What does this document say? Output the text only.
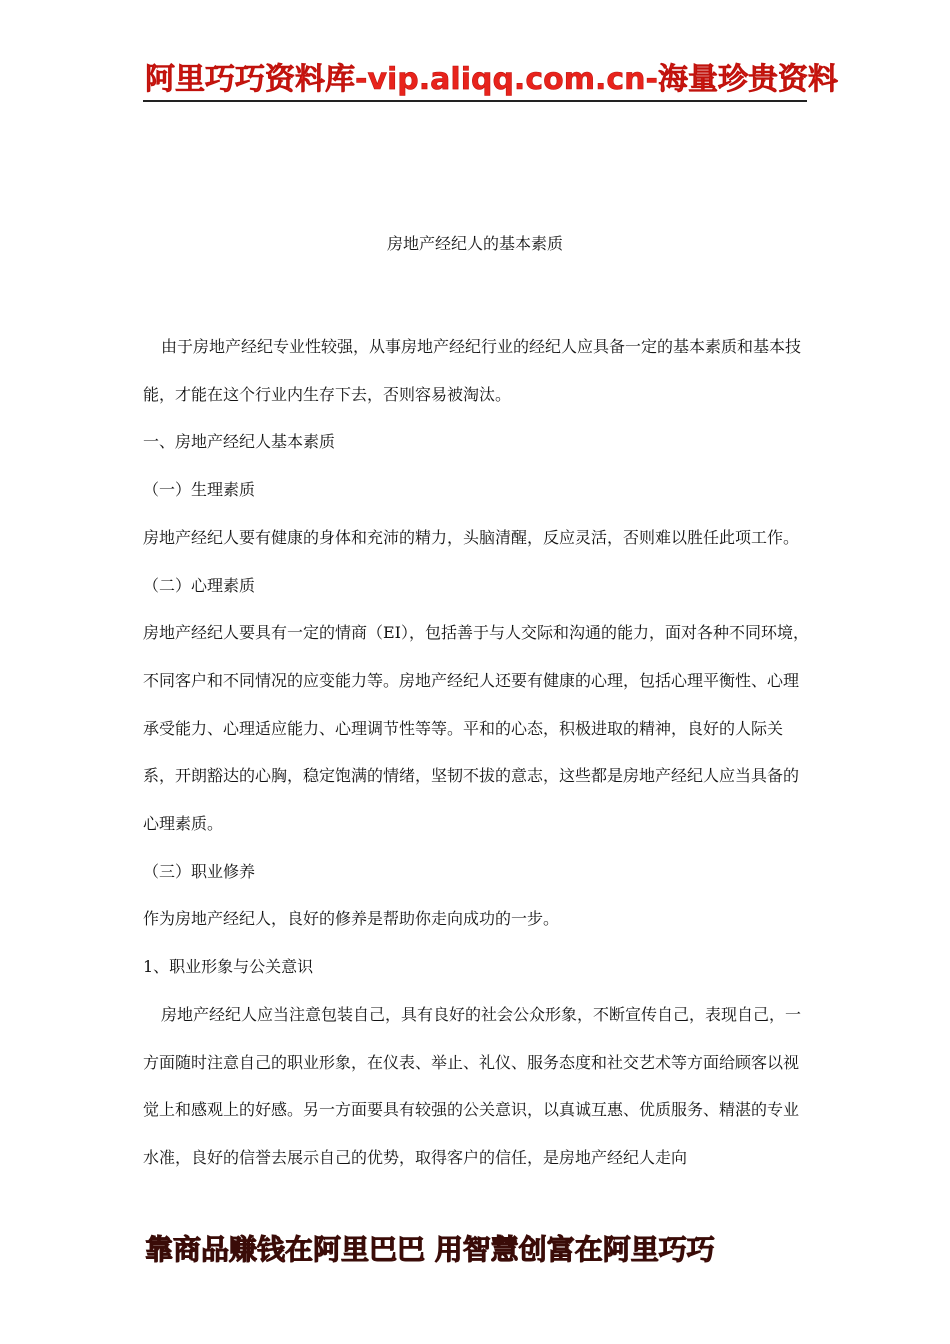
阿里巧巧资料库-vip.aliqq.com.cn-海量珍贵资料
房地产经纪人的基本素质

由于房地产经纪专业性较强，从事房地产经纪行业的经纪人应具备一定的基本素质和基本技能，才能在这个行业内生存下去，否则容易被淘汰。

一、房地产经纪人基本素质

（一）生理素质

房地产经纪人要有健康的身体和充沛的精力，头脑清醒，反应灵活，否则难以胜任此项工作。

（二）心理素质

房地产经纪人要具有一定的情商（EI），包括善于与人交际和沟通的能力，面对各种不同环境，不同客户和不同情况的应变能力等。房地产经纪人还要有健康的心理，包括心理平衡性、心理承受能力、心理适应能力、心理调节性等等。平和的心态，积极进取的精神，良好的人际关系，开朗豁达的心胸，稳定饱满的情绪，坚韧不拔的意志，这些都是房地产经纪人应当具备的心理素质。

（三）职业修养

作为房地产经纪人，良好的修养是帮助你走向成功的一步。

1、职业形象与公关意识

房地产经纪人应当注意包装自己，具有良好的社会公众形象，不断宣传自己，表现自己，一方面随时注意自己的职业形象，在仪表、举止、礼仪、服务态度和社交艺术等方面给顾客以视觉上和感观上的好感。另一方面要具有较强的公关意识，以真诚互惠、优质服务、精湛的专业水准，良好的信誉去展示自己的优势，取得客户的信任，是房地产经纪人走向

靠商品赚钱在阿里巴巴 用智慧创富在阿里巧巧
